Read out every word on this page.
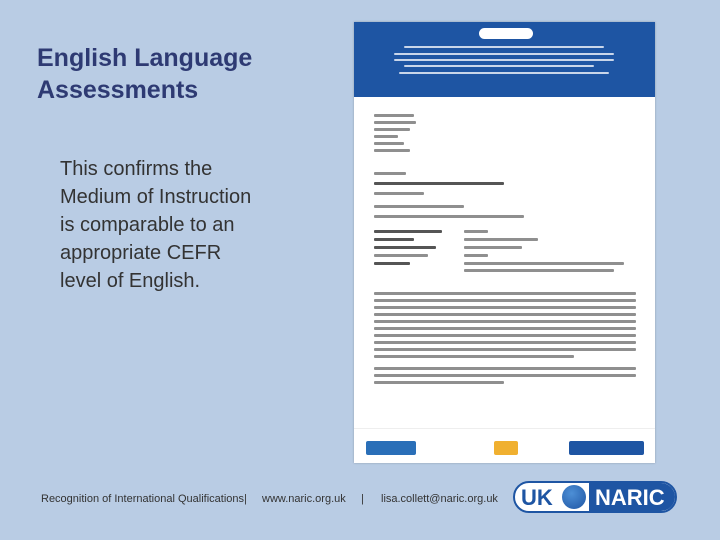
English Language
Assessments
This confirms the
Medium of Instruction
is comparable to an
appropriate CEFR
level of English.

Recognition of International Qualifications| www.naric.org.uk | lisa.collett@naric.org.uk UK NARIC
